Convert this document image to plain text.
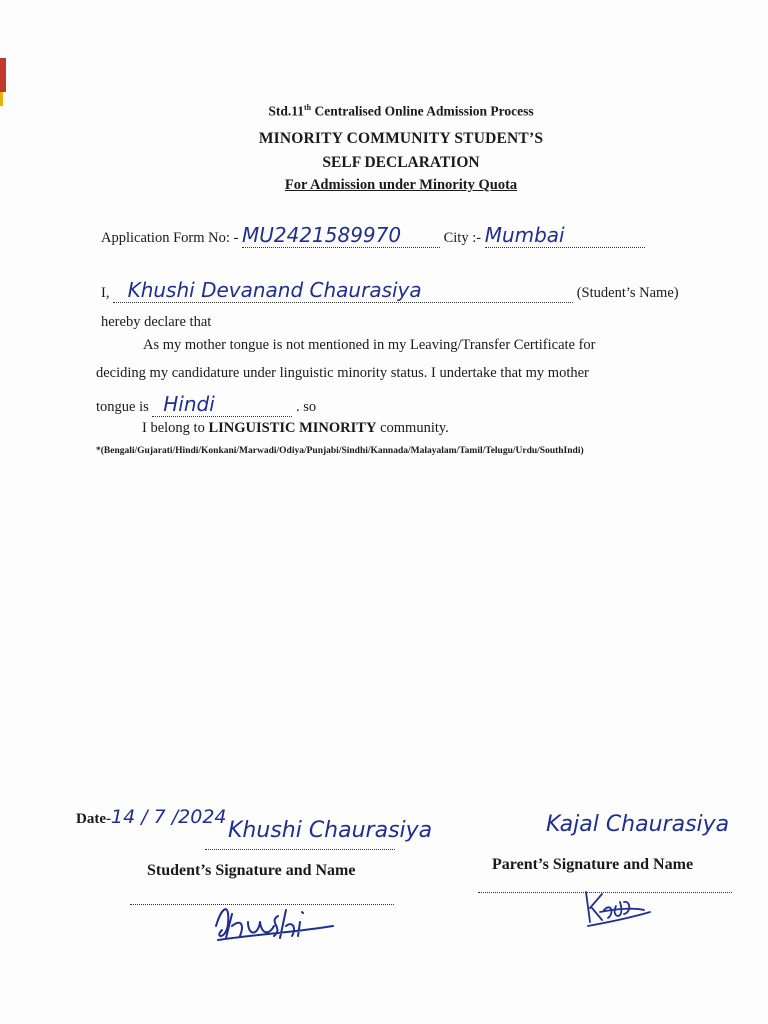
Std.11th Centralised Online Admission Process
MINORITY COMMUNITY STUDENT’S
SELF DECLARATION
For Admission under Minority Quota
Application Form No: - MU2421589970	City :- Mumbai
I, Khushi Devanand Chaurasiya	(Student’s Name)
hereby declare that
As my mother tongue is not mentioned in my Leaving/Transfer Certificate for
deciding my candidature under linguistic minority status. I undertake that my mother
tongue is Hindi	. so
I belong to LINGUISTIC MINORITY community.
*(Bengali/Gujarati/Hindi/Konkani/Marwadi/Odiya/Punjabi/Sindhi/Kannada/Malayalam/Tamil/Telugu/Urdu/SouthIndi)
Date-14 / 7 /2024
Khushi Chaurasiya	Kajal Chaurasiya
Student’s Signature and Name	Parent’s Signature and Name
